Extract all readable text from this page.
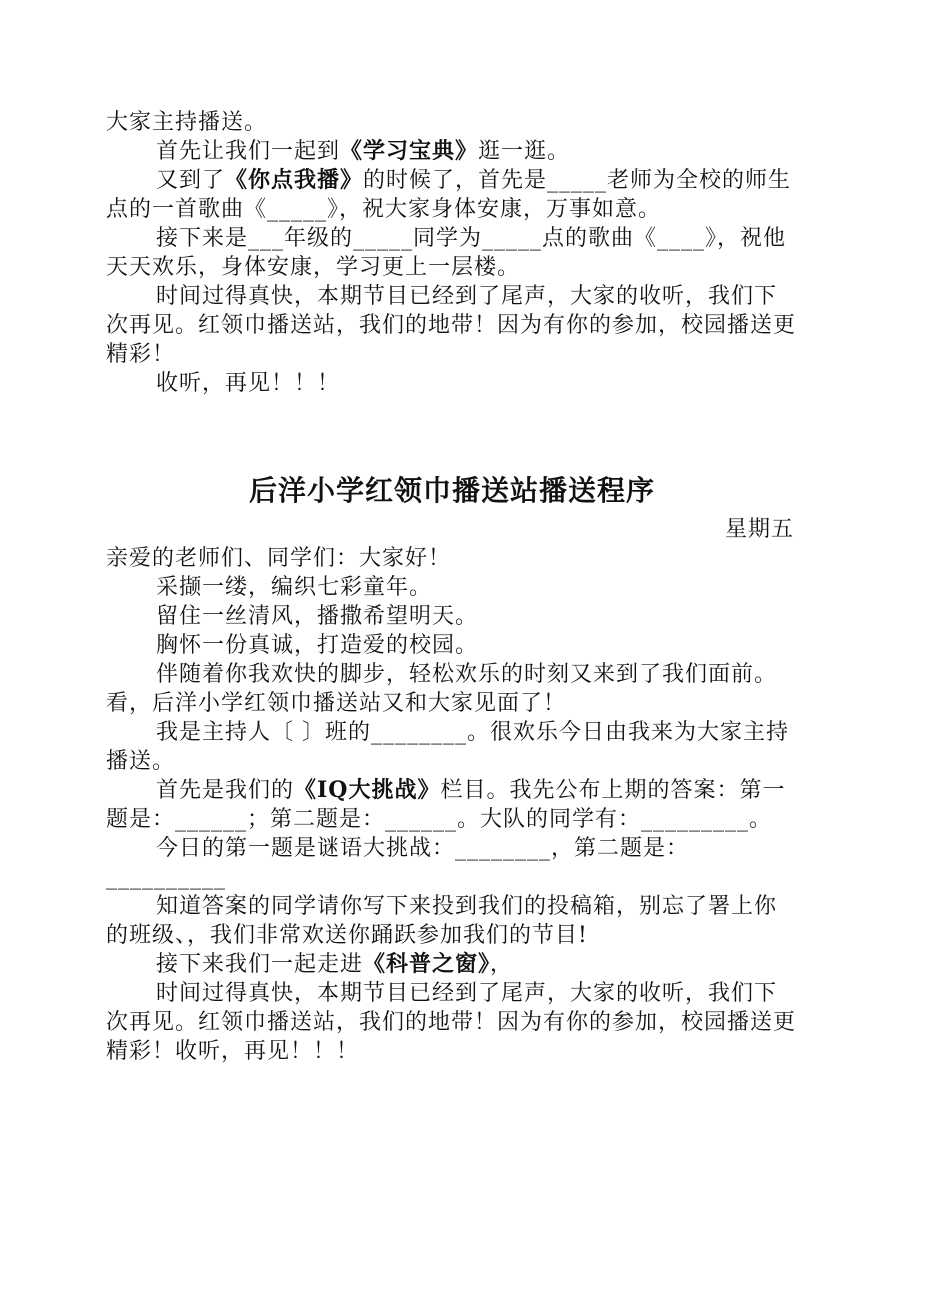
大家主持播送。

首先让我们一起到《学习宝典》逛一逛。

又到了《你点我播》的时候了，首先是_____老师为全校的师生点的一首歌曲《_____》，祝大家身体安康，万事如意。

接下来是___年级的_____同学为_____点的歌曲《____》，祝他天天欢乐，身体安康，学习更上一层楼。

时间过得真快，本期节目已经到了尾声，大家的收听，我们下次再见。红领巾播送站，我们的地带！因为有你的参加，校园播送更精彩！

收听，再见！！！

后洋小学红领巾播送站播送程序

星期五

亲爱的老师们、同学们：大家好！

采撷一缕，编织七彩童年。

留住一丝清风，播撒希望明天。

胸怀一份真诚，打造爱的校园。

伴随着你我欢快的脚步，轻松欢乐的时刻又来到了我们面前。看，后洋小学红领巾播送站又和大家见面了！

我是主持人〔 〕班的________。很欢乐今日由我来为大家主持播送。

首先是我们的《IQ大挑战》栏目。我先公布上期的答案：第一题是：______；第二题是：______。大队的同学有：_________。

今日的第一题是谜语大挑战：________，第二题是：__________

知道答案的同学请你写下来投到我们的投稿箱，别忘了署上你的班级、，我们非常欢送你踊跃参加我们的节目!

接下来我们一起走进《科普之窗》，

时间过得真快，本期节目已经到了尾声，大家的收听，我们下次再见。红领巾播送站，我们的地带！因为有你的参加，校园播送更精彩！收听，再见！！！
